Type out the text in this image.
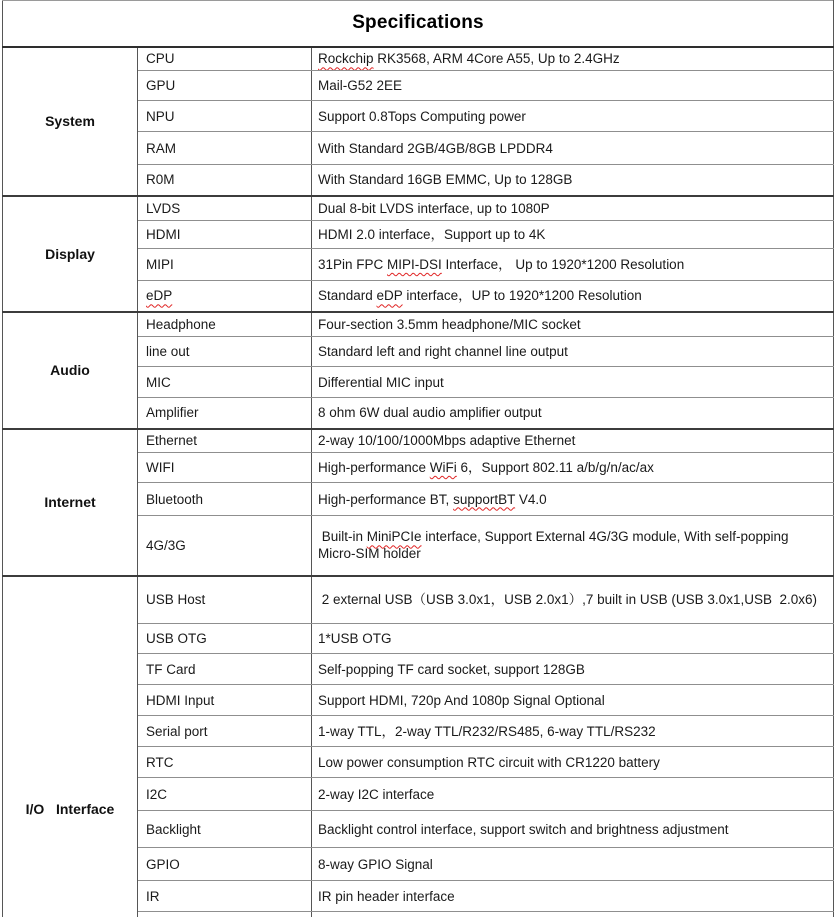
Specifications		
System	CPU	Rockchip RK3568, ARM 4Core A55, Up to 2.4GHz
	GPU	Mail-G52 2EE
	NPU	Support 0.8Tops Computing power
	RAM	With Standard 2GB/4GB/8GB LPDDR4
	R0M	With Standard 16GB EMMC, Up to 128GB
Display	LVDS	Dual 8-bit LVDS interface, up to 1080P
	HDMI	HDMI 2.0 interface，Support up to 4K
	MIPI	31Pin FPC MIPI-DSI Interface， Up to 1920*1200 Resolution
	eDP	Standard eDP interface，UP to 1920*1200 Resolution
Audio	Headphone	Four-section 3.5mm headphone/MIC socket
	line out	Standard left and right channel line output
	MIC	Differential MIC input
	Amplifier	8 ohm 6W dual audio amplifier output
Internet	Ethernet	2-way 10/100/1000Mbps adaptive Ethernet
	WIFI	High-performance WiFi 6，Support 802.11 a/b/g/n/ac/ax
	Bluetooth	High-performance BT, supportBT V4.0
	4G/3G	Built-in MiniPCIe interface, Support External 4G/3G module, With self-popping Micro-SIM holder
I/O   Interface	USB Host	2 external USB（USB 3.0x1，USB 2.0x1）,7 built in USB (USB 3.0x1,USB  2.0x6)
	USB OTG	1*USB OTG
	TF Card	Self-popping TF card socket, support 128GB
	HDMI Input	Support HDMI, 720p And 1080p Signal Optional
	Serial port	1-way TTL，2-way TTL/R232/RS485, 6-way TTL/RS232
	RTC	Low power consumption RTC circuit with CR1220 battery
	I2C	2-way I2C interface
	Backlight	Backlight control interface, support switch and brightness adjustment
	GPIO	8-way GPIO Signal
	IR	IR pin header interface
